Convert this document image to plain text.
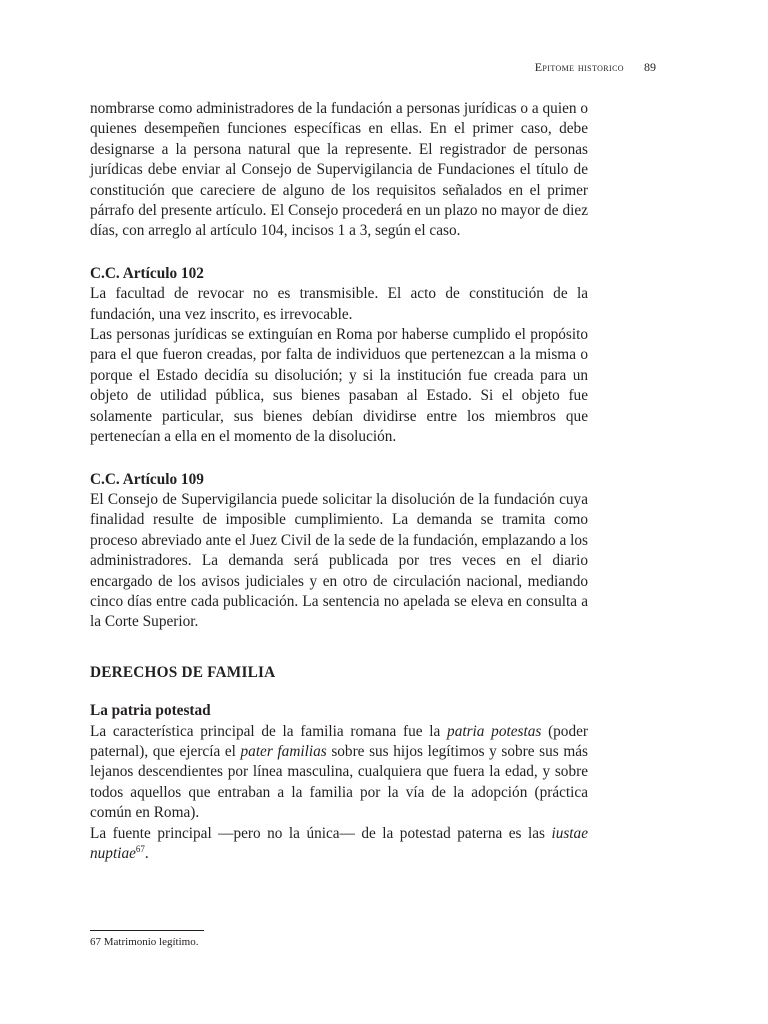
Epitome historico 89

nombrarse como administradores de la fundación a personas jurídicas o a quien o quienes desempeñen funciones específicas en ellas. En el primer caso, debe designarse a la persona natural que la represente. El registrador de personas jurídicas debe enviar al Consejo de Supervigilancia de Fundaciones el título de constitución que careciere de alguno de los requisitos señalados en el primer párrafo del presente artículo. El Consejo procederá en un plazo no mayor de diez días, con arreglo al artículo 104, incisos 1 a 3, según el caso.

C.C. Artículo 102

La facultad de revocar no es transmisible. El acto de constitución de la fundación, una vez inscrito, es irrevocable.

Las personas jurídicas se extinguían en Roma por haberse cumplido el propósito para el que fueron creadas, por falta de individuos que pertenezcan a la misma o porque el Estado decidía su disolución; y si la institución fue creada para un objeto de utilidad pública, sus bienes pasaban al Estado. Si el objeto fue solamente particular, sus bienes debían dividirse entre los miembros que pertenecían a ella en el momento de la disolución.

C.C. Artículo 109

El Consejo de Supervigilancia puede solicitar la disolución de la fundación cuya finalidad resulte de imposible cumplimiento. La demanda se tramita como proceso abreviado ante el Juez Civil de la sede de la fundación, emplazando a los administradores. La demanda será publicada por tres veces en el diario encargado de los avisos judiciales y en otro de circulación nacional, mediando cinco días entre cada publicación. La sentencia no apelada se eleva en consulta a la Corte Superior.

DERECHOS DE FAMILIA

La patria potestad

La característica principal de la familia romana fue la patria potestas (poder paternal), que ejercía el pater familias sobre sus hijos legítimos y sobre sus más lejanos descendientes por línea masculina, cualquiera que fuera la edad, y sobre todos aquellos que entraban a la familia por la vía de la adopción (práctica común en Roma).

La fuente principal —pero no la única— de la potestad paterna es las iustae nuptiae$^{67}$.

67 Matrimonio legítimo.
